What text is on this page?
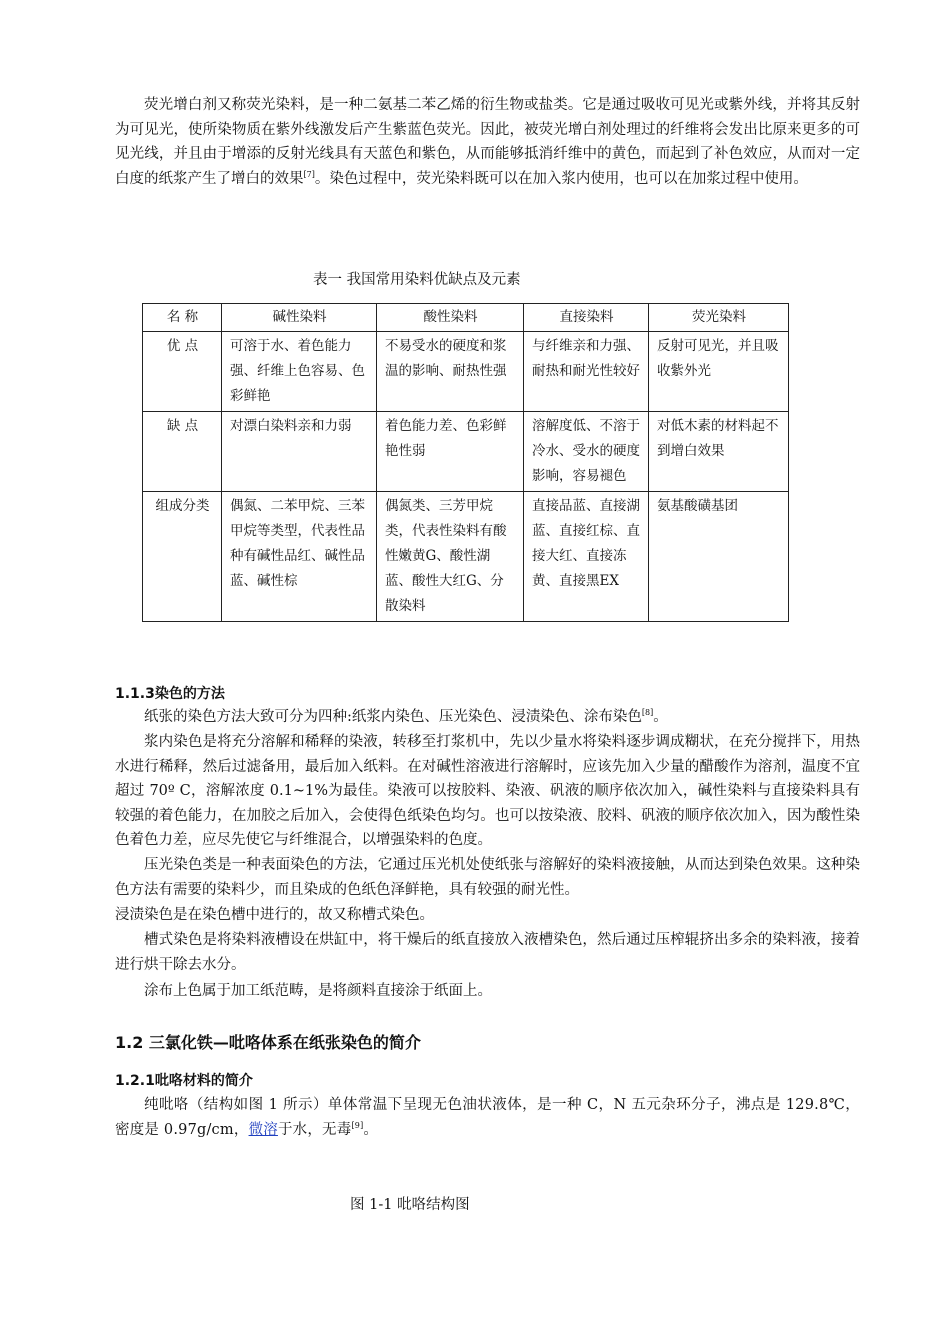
荧光增白剂又称荧光染料，是一种二氨基二苯乙烯的衍生物或盐类。它是通过吸收可见光或紫外线，并将其反射为可见光，使所染物质在紫外线激发后产生紫蓝色荧光。因此，被荧光增白剂处理过的纤维将会发出比原来更多的可见光线，并且由于增添的反射光线具有天蓝色和紫色，从而能够抵消纤维中的黄色，而起到了补色效应，从而对一定白度的纸浆产生了增白的效果[7]。染色过程中，荧光染料既可以在加入浆内使用，也可以在加浆过程中使用。

表一 我国常用染料优缺点及元素
名 称	碱性染料	酸性染料	直接染料	荧光染料
优 点	可溶于水、着色能力强、纤维上色容易、色彩鲜艳	不易受水的硬度和浆温的影响、耐热性强	与纤维亲和力强、耐热和耐光性较好	反射可见光，并且吸收紫外光
缺 点	对漂白染料亲和力弱	着色能力差、色彩鲜艳性弱	溶解度低、不溶于冷水、受水的硬度影响，容易褪色	对低木素的材料起不到增白效果
组成分类	偶氮、二苯甲烷、三苯甲烷等类型，代表性品种有碱性品红、碱性品蓝、碱性棕	偶氮类、三芳甲烷类，代表性染料有酸性嫩黄G、酸性湖蓝、酸性大红G、分散染料	直接品蓝、直接湖蓝、直接红棕、直接大红、直接冻黄、直接黑EX	氨基酸磺基团
1.1.3染色的方法

纸张的染色方法大致可分为四种:纸浆内染色、压光染色、浸渍染色、涂布染色[8]。

浆内染色是将充分溶解和稀释的染液，转移至打浆机中，先以少量水将染料逐步调成糊状，在充分搅拌下，用热水进行稀释，然后过滤备用，最后加入纸料。在对碱性溶液进行溶解时，应该先加入少量的醋酸作为溶剂，温度不宜超过 70º C，溶解浓度 0.1~1%为最佳。染液可以按胶料、染液、矾液的顺序依次加入，碱性染料与直接染料具有较强的着色能力，在加胶之后加入，会使得色纸染色均匀。也可以按染液、胶料、矾液的顺序依次加入，因为酸性染色着色力差，应尽先使它与纤维混合，以增强染料的色度。

压光染色类是一种表面染色的方法，它通过压光机处使纸张与溶解好的染料液接触，从而达到染色效果。这种染色方法有需要的染料少，而且染成的色纸色泽鲜艳，具有较强的耐光性。

浸渍染色是在染色槽中进行的，故又称槽式染色。

槽式染色是将染料液槽设在烘缸中，将干燥后的纸直接放入液槽染色，然后通过压榨辊挤出多余的染料液，接着进行烘干除去水分。

涂布上色属于加工纸范畴，是将颜料直接涂于纸面上。

1.2 三氯化铁—吡咯体系在纸张染色的简介
1.2.1吡咯材料的简介

纯吡咯（结构如图 1 所示）单体常温下呈现无色油状液体，是一种 C，N 五元杂环分子，沸点是 129.8℃，密度是 0.97g/cm，微溶于水，无毒[9]。

图 1-1 吡咯结构图
